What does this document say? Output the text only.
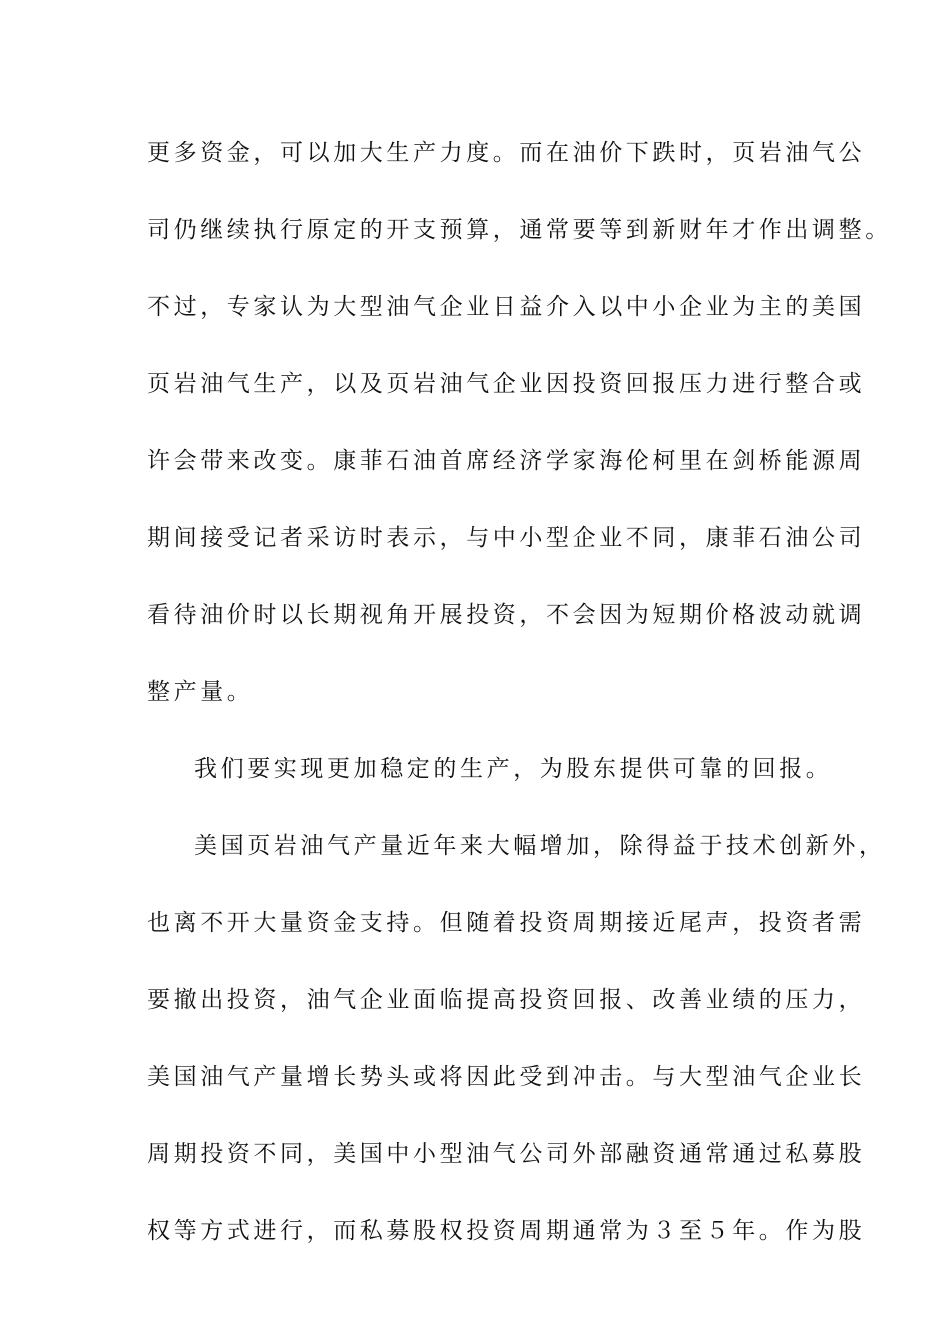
更多资金，可以加大生产力度。而在油价下跌时，页岩油气公
司仍继续执行原定的开支预算，通常要等到新财年才作出调整。
不过，专家认为大型油气企业日益介入以中小企业为主的美国
页岩油气生产，以及页岩油气企业因投资回报压力进行整合或
许会带来改变。康菲石油首席经济学家海伦柯里在剑桥能源周
期间接受记者采访时表示，与中小型企业不同，康菲石油公司
看待油价时以长期视角开展投资，不会因为短期价格波动就调
整产量。
我们要实现更加稳定的生产，为股东提供可靠的回报。
美国页岩油气产量近年来大幅增加，除得益于技术创新外，
也离不开大量资金支持。但随着投资周期接近尾声，投资者需
要撤出投资，油气企业面临提高投资回报、改善业绩的压力，
美国油气产量增长势头或将因此受到冲击。与大型油气企业长
周期投资不同，美国中小型油气公司外部融资通常通过私募股
权等方式进行，而私募股权投资周期通常为３至５年。作为股
